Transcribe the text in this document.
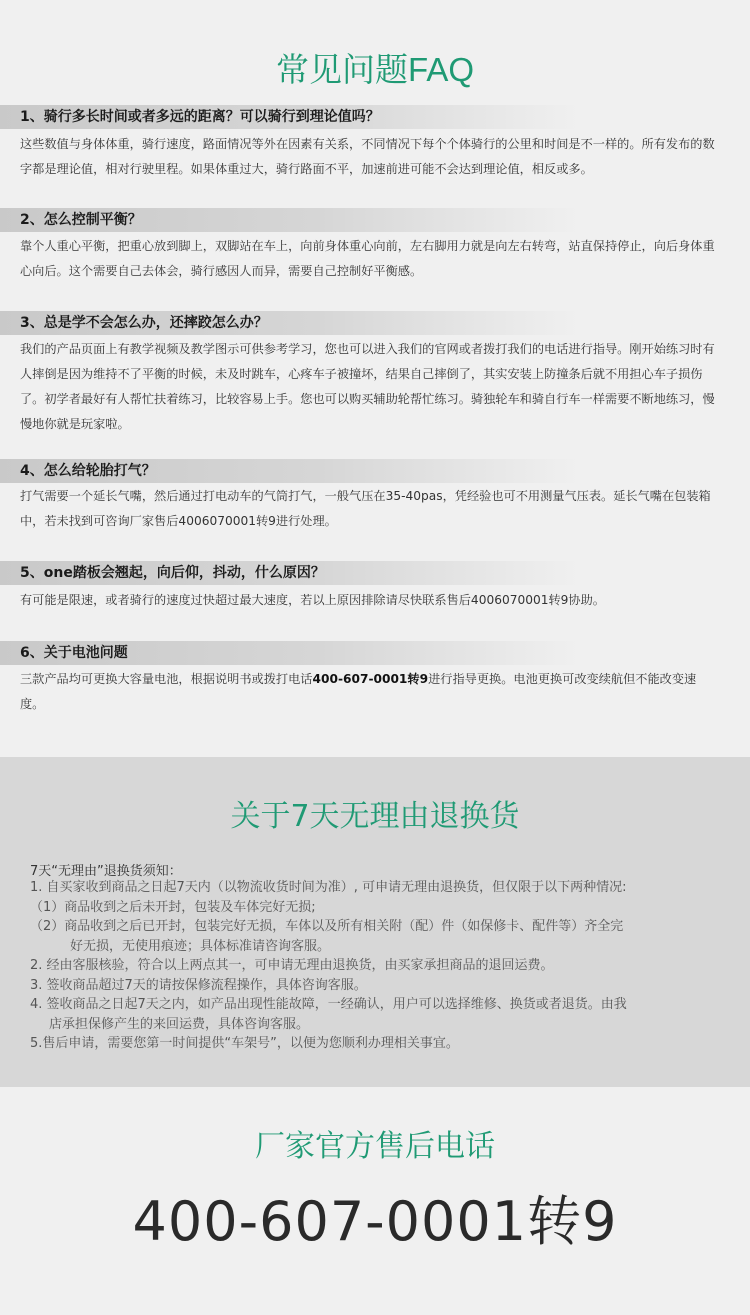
常见问题FAQ
1、骑行多长时间或者多远的距离？可以骑行到理论值吗？
这些数值与身体体重，骑行速度，路面情况等外在因素有关系，不同情况下每个个体骑行的公里和时间是不一样的。所有发布的数字都是理论值，相对行驶里程。如果体重过大，骑行路面不平，加速前进可能不会达到理论值，相反或多。
2、怎么控制平衡？
靠个人重心平衡，把重心放到脚上，双脚站在车上，向前身体重心向前，左右脚用力就是向左右转弯，站直保持停止，向后身体重心向后。这个需要自己去体会，骑行感因人而异，需要自己控制好平衡感。
3、总是学不会怎么办，还摔跤怎么办？
我们的产品页面上有教学视频及教学图示可供参考学习，您也可以进入我们的官网或者拨打我们的电话进行指导。刚开始练习时有人摔倒是因为维持不了平衡的时候，未及时跳车，心疼车子被撞坏，结果自己摔倒了，其实安装上防撞条后就不用担心车子损伤了。初学者最好有人帮忙扶着练习，比较容易上手。您也可以购买辅助轮帮忙练习。骑独轮车和骑自行车一样需要不断地练习，慢慢地你就是玩家啦。
4、怎么给轮胎打气？
打气需要一个延长气嘴，然后通过打电动车的气筒打气，一般气压在35-40pas，凭经验也可不用测量气压表。延长气嘴在包装箱中，若未找到可咨询厂家售后4006070001转9进行处理。
5、one踏板会翘起，向后仰，抖动，什么原因？
有可能是限速，或者骑行的速度过快超过最大速度，若以上原因排除请尽快联系售后4006070001转9协助。
6、关于电池问题
三款产品均可更换大容量电池，根据说明书或拨打电话400-607-0001转9进行指导更换。电池更换可改变续航但不能改变速度。
关于7天无理由退换货
7天“无理由”退换货须知：
1. 自买家收到商品之日起7天内（以物流收货时间为准）, 可申请无理由退换货，但仅限于以下两种情况:
（1）商品收到之后未开封，包装及车体完好无损;
（2）商品收到之后已开封，包装完好无损，车体以及所有相关附（配）件（如保修卡、配件等）齐全完
好无损，无使用痕迹；具体标准请咨询客服。
2. 经由客服核验，符合以上两点其一，可申请无理由退换货，由买家承担商品的退回运费。
3. 签收商品超过7天的请按保修流程操作，具体咨询客服。
4. 签收商品之日起7天之内，如产品出现性能故障，一经确认，用户可以选择维修、换货或者退货。由我
店承担保修产生的来回运费，具体咨询客服。
5.售后申请，需要您第一时间提供“车架号”，以便为您顺利办理相关事宜。
厂家官方售后电话
400-607-0001转9
